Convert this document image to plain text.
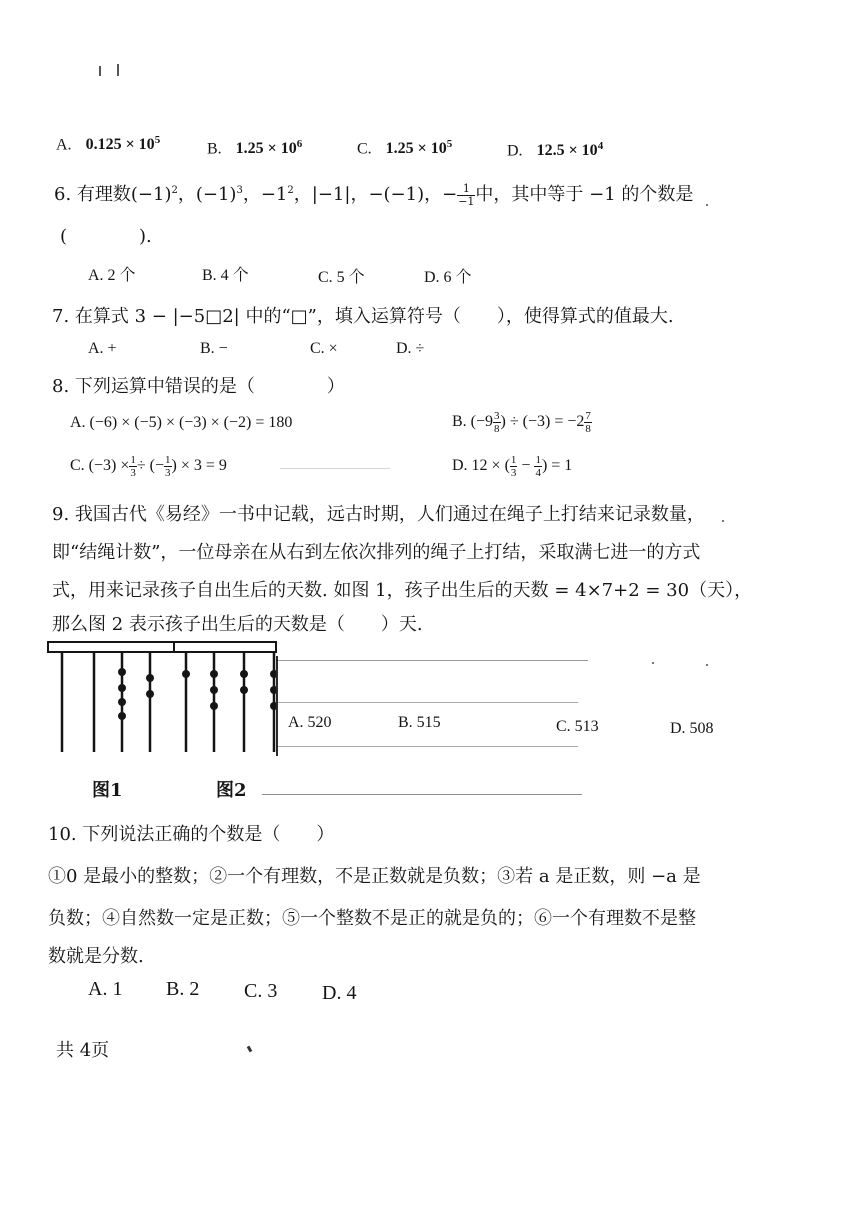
A. $0.125 \times 10^5$
B. $1.25 \times 10^6$	C. $1.25 \times 10^5$	D. $12.5 \times 10^4$
6. 有理数$(-1)^2$，$(-1)^3$，$-1^2$，|−1|，−(−1)，− $\frac{1}{-1}$ 中，其中等于 −1 的个数是
(　　　　).
A. 2 个	B. 4 个	C. 5 个	D. 6 个
7. 在算式 3 − |−5□2| 中的“□”，填入运算符号（　　），使得算式的值最大.
A. +	B. −	C. ×	D. ÷
8. 下列运算中错误的是（　　　　）
A. (−6) × (−5) × (−3) × (−2) = 180	B. ($-9 \frac{3}{8}$ ) ÷ $(-3) = -2 \frac{7}{8}$
C. $(-3) \times \frac{1}{3}$ ÷ (− $\frac{1}{3}$ ) × 3 = 9	D. 12 × ( $\frac{1}{3} - \frac{1}{4}$ ) = 1
9. 我国古代《易经》一书中记载，远古时期，人们通过在绳子上打结来记录数量，
即“结绳计数”，一位母亲在从右到左依次排列的绳子上打结，采取满七进一的方式
式，用来记录孩子自出生后的天数. 如图 1，孩子出生后的天数 = 4×7+2 = 30（天），
那么图 2 表示孩子出生后的天数是（　　）天.
图1	图2
A. 520	B. 515	C. 513	D. 508
10. 下列说法正确的个数是（　　）
①0 是最小的整数；②一个有理数，不是正数就是负数；③若 a 是正数，则 −a 是
负数；④自然数一定是正数；⑤一个整数不是正的就是负的；⑥一个有理数不是整
数就是分数.
A. 1 B. 2 C. 3 D. 4
共 4页
